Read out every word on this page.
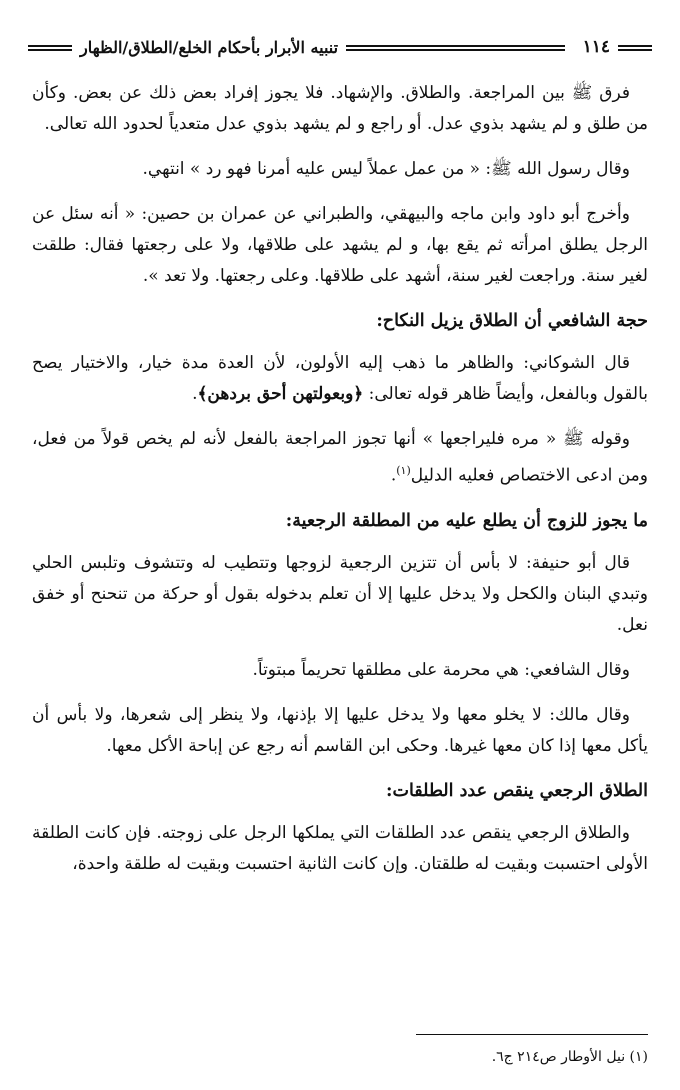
١١٤
تنبيه الأبرار بأحكام الخلع/الطلاق/الظهار

فرق ﷺ بين المراجعة. والطلاق. والإشهاد. فلا يجوز إفراد بعض ذلك عن بعض. وكأن من طلق و لم يشهد بذوي عدل. أو راجع و لم يشهد بذوي عدل متعدياً لحدود الله تعالى.

وقال رسول الله ﷺ: « من عمل عملاً ليس عليه أمرنا فهو رد » انتهي.

وأخرج أبو داود وابن ماجه والبيهقي، والطبراني عن عمران بن حصين: « أنه سئل عن الرجل يطلق امرأته ثم يقع بها، و لم يشهد على طلاقها، ولا على رجعتها فقال: طلقت لغير سنة. وراجعت لغير سنة، أشهد على طلاقها. وعلى رجعتها. ولا تعد ».

حجة الشافعي أن الطلاق يزيل النكاح:

قال الشوكاني: والظاهر ما ذهب إليه الأولون، لأن العدة مدة خيار، والاختيار يصح بالقول وبالفعل، وأيضاً ظاهر قوله تعالى: ﴿وبعولتهن أحق بردهن﴾.

وقوله ﷺ « مره فليراجعها » أنها تجوز المراجعة بالفعل لأنه لم يخص قولاً من فعل، ومن ادعى الاختصاص فعليه الدليل$^{(١)}$.

ما يجوز للزوج أن يطلع عليه من المطلقة الرجعية:

قال أبو حنيفة: لا بأس أن تتزين الرجعية لزوجها وتتطيب له وتتشوف وتلبس الحلي وتبدي البنان والكحل ولا يدخل عليها إلا أن تعلم بدخوله بقول أو حركة من تنحنح أو خفق نعل.

وقال الشافعي: هي محرمة على مطلقها تحريماً مبتوتاً.

وقال مالك: لا يخلو معها ولا يدخل عليها إلا بإذنها، ولا ينظر إلى شعرها، ولا بأس أن يأكل معها إذا كان معها غيرها. وحكى ابن القاسم أنه رجع عن إباحة الأكل معها.

الطلاق الرجعي ينقص عدد الطلقات:

والطلاق الرجعي ينقص عدد الطلقات التي يملكها الرجل على زوجته. فإن كانت الطلقة الأولى احتسبت وبقيت له طلقتان. وإن كانت الثانية احتسبت وبقيت له طلقة واحدة،

(١) نيل الأوطار ص٢١٤ ج٦.
